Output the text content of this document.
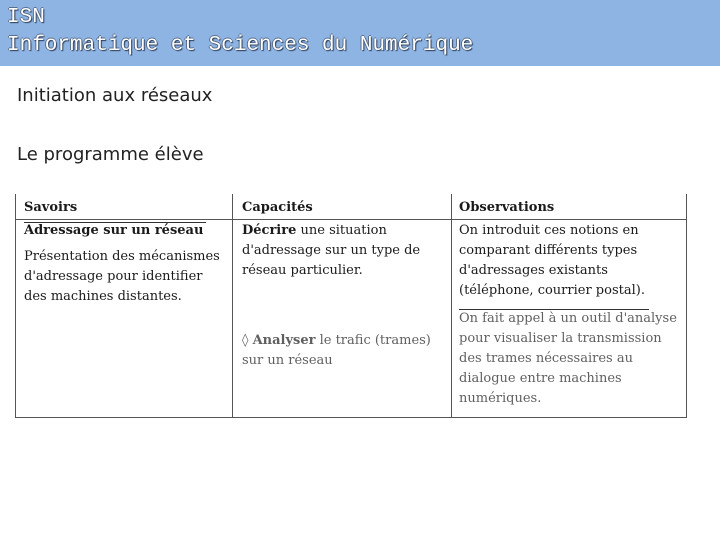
ISN

Informatique et Sciences du Numérique

Initiation aux réseaux

Le programme élève

Savoirs	Capacités	Observations

Adressage sur un réseau

Présentation des mécanismes d'adressage pour identifier des machines distantes.

Décrire une situation d'adressage sur un type de réseau particulier.

◊ Analyser le trafic (trames) sur un réseau

On introduit ces notions en comparant différents types d'adressages existants (téléphone, courrier postal).

On fait appel à un outil d'analyse pour visualiser la transmission des trames nécessaires au dialogue entre machines numériques.
